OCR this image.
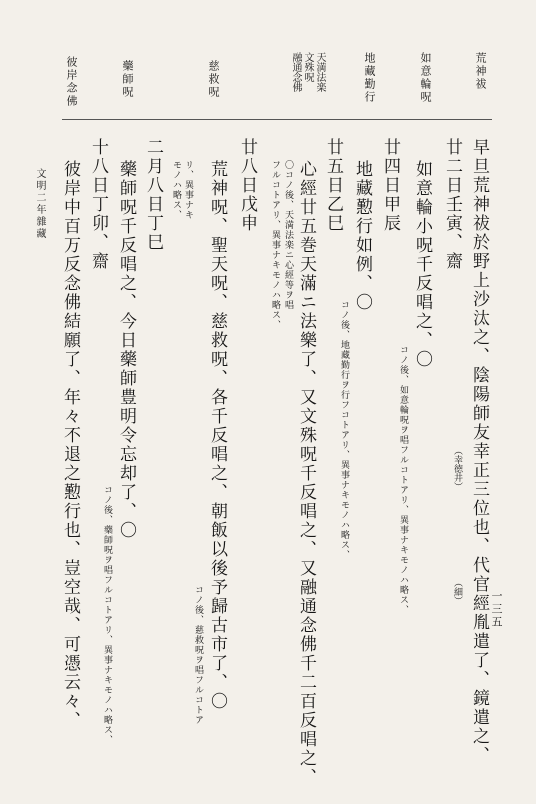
荒神祓
如意輪呪
地藏勤行
天満法楽
文殊呪
融通念佛
慈救呪
藥師呪
彼岸念佛
早旦荒神祓於野上沙汰之、陰陽師友幸正三位也、代官經胤遣了、鏡遣之、
（幸徳井）
（細）
廿二日壬寅、齋
如意輪小呪千反唱之、〇
コノ後、如意輪呪ヲ唱フルコトアリ、異事ナキモノハ略ス、
廿四日甲辰
地藏懃行如例、〇
コノ後、地藏勤行ヲ行フコトアリ、異事ナキモノハ略ス、
廿五日乙巳
心經廿五巻天滿ニ法樂了、又文殊呪千反唱之、又融通念佛千二百反唱之、
〇コノ後、天満法楽ニ心經等ヲ唱
フルコトアリ、異事ナキモノハ略ス、
廿八日戊申
荒神呪、聖天呪、慈救呪、各千反唱之、朝飯以後予歸古市了、〇
コノ後、慈救呪ヲ唱フルコトア
リ、異事ナキ
モノハ略ス、
二月八日丁巳
藥師呪千反唱之、今日藥師豊明令忘却了、〇
コノ後、藥師呪ヲ唱フルコトアリ、異事ナキモノハ略ス、
十八日丁卯、齋
彼岸中百万反念佛結願了、年々不退之懃行也、豈空哉、可憑云々、
文明二年雜藏
一三五
